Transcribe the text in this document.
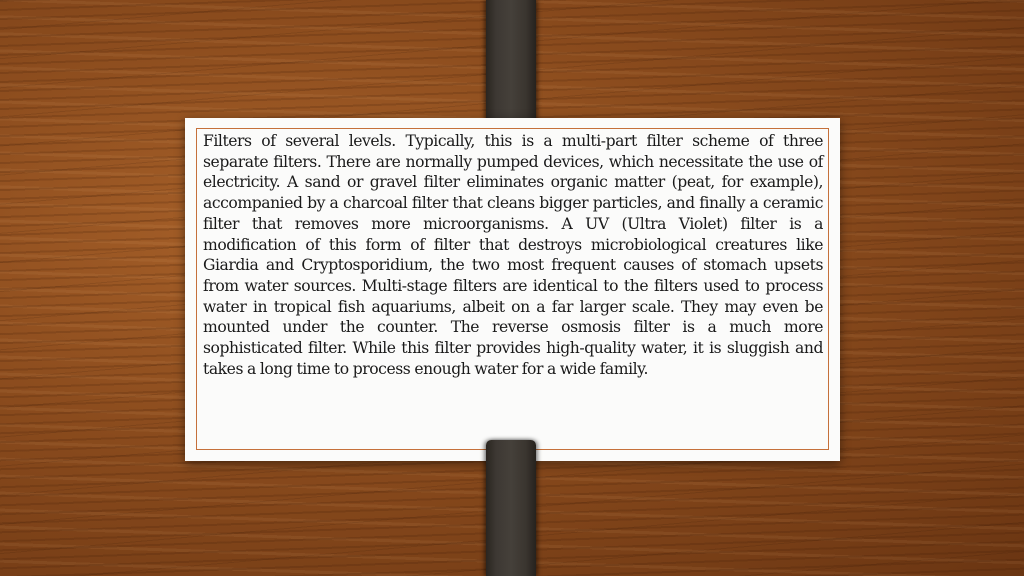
Filters of several levels. Typically, this is a multi-part filter scheme of three separate filters. There are normally pumped devices, which necessitate the use of electricity. A sand or gravel filter eliminates organic matter (peat, for example), accompanied by a charcoal filter that cleans bigger particles, and finally a ceramic filter that removes more microorganisms. A UV (Ultra Violet) filter is a modification of this form of filter that destroys microbiological creatures like Giardia and Cryptosporidium, the two most frequent causes of stomach upsets from water sources. Multi-stage filters are identical to the filters used to process water in tropical fish aquariums, albeit on a far larger scale. They may even be mounted under the counter. The reverse osmosis filter is a much more sophisticated filter. While this filter provides high-quality water, it is sluggish and takes a long time to process enough water for a wide family.
